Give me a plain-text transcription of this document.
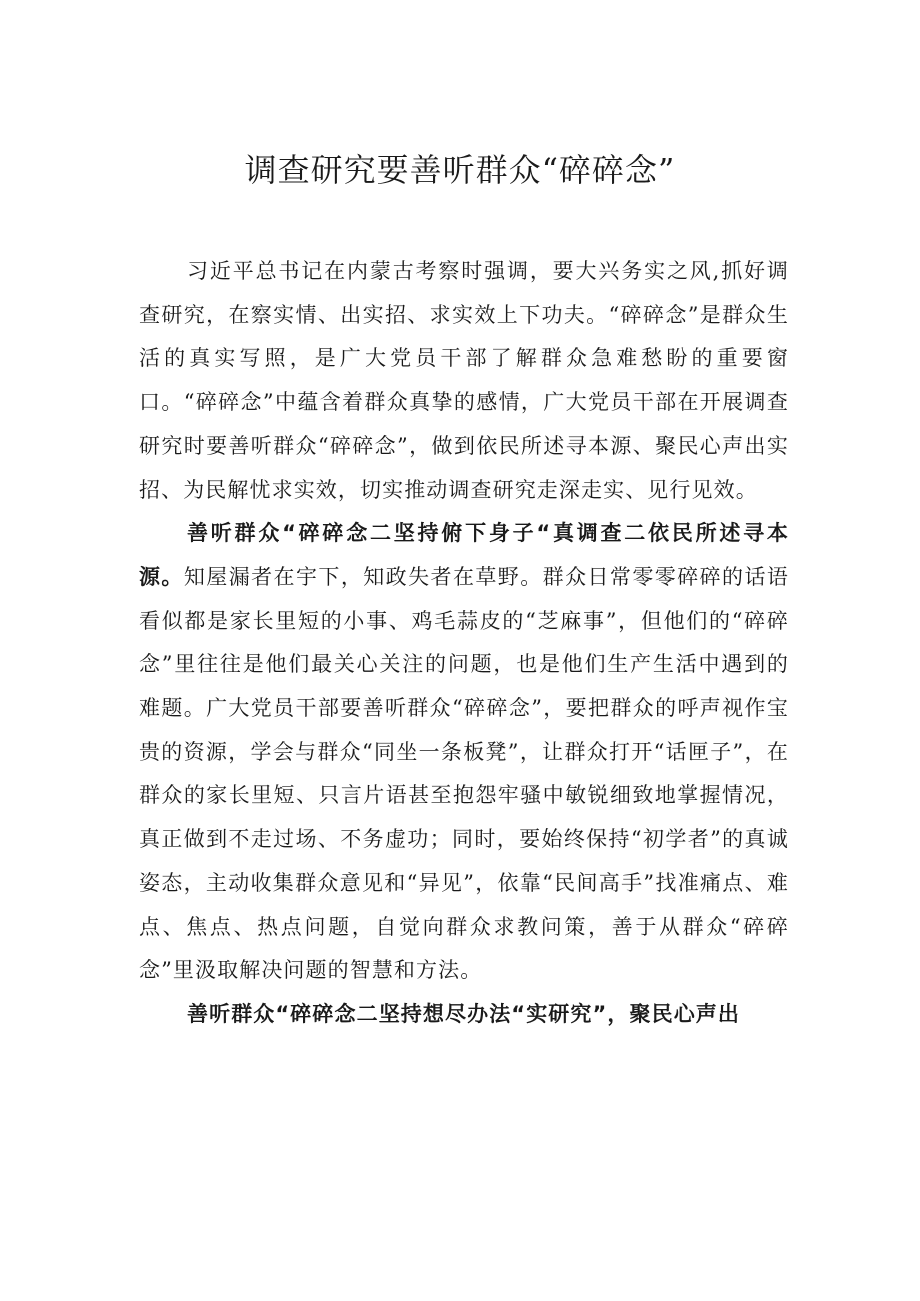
调查研究要善听群众“碎碎念”

习近平总书记在内蒙古考察时强调，要大兴务实之风,抓好调查研究，在察实情、出实招、求实效上下功夫。“碎碎念”是群众生活的真实写照，是广大党员干部了解群众急难愁盼的重要窗口。“碎碎念”中蕴含着群众真挚的感情，广大党员干部在开展调查研究时要善听群众“碎碎念”，做到依民所述寻本源、聚民心声出实招、为民解忧求实效，切实推动调查研究走深走实、见行见效。

善听群众“碎碎念二坚持俯下身子“真调查二依民所述寻本源。知屋漏者在宇下，知政失者在草野。群众日常零零碎碎的话语看似都是家长里短的小事、鸡毛蒜皮的“芝麻事”，但他们的“碎碎念”里往往是他们最关心关注的问题，也是他们生产生活中遇到的难题。广大党员干部要善听群众“碎碎念”，要把群众的呼声视作宝贵的资源，学会与群众“同坐一条板凳”，让群众打开“话匣子”，在群众的家长里短、只言片语甚至抱怨牢骚中敏锐细致地掌握情况，真正做到不走过场、不务虚功；同时，要始终保持“初学者”的真诚姿态，主动收集群众意见和“异见”，依靠“民间高手”找准痛点、难点、焦点、热点问题，自觉向群众求教问策，善于从群众“碎碎念”里汲取解决问题的智慧和方法。

善听群众“碎碎念二坚持想尽办法“实研究”，聚民心声出
